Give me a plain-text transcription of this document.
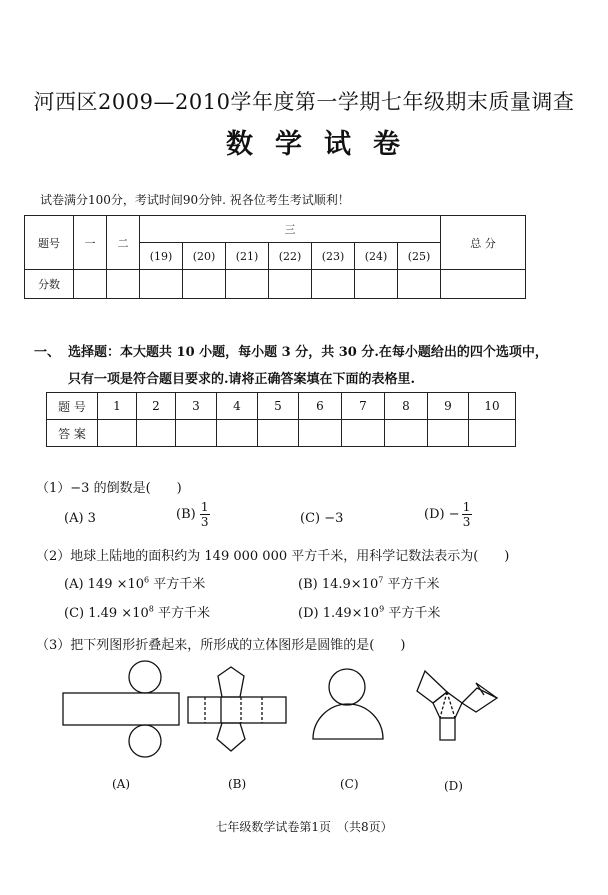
河西区2009—2010学年度第一学期七年级期末质量调查
数学试卷
试卷满分100分，考试时间90分钟. 祝各位考生考试顺利！
题号	一	二	三							总 分
			(19)	(20)	(21)	(22)	(23)	(24)	(25)	
分数										
一、 选择题：本大题共 10 小题，每小题 3 分，共 30 分.在每小题给出的四个选项中，
只有一项是符合题目要求的.请将正确答案填在下面的表格里.
题 号	1	2	3	4	5	6	7	8	9	10
答 案										
（1）−3 的倒数是(　　)
(A) 3	$(B) \frac{1}{3}$	(C) −3	$(D) - \frac{1}{3}$
（2）地球上陆地的面积约为 149 000 000 平方千米，用科学记数法表示为(　　)
(A) $149 \times 10^6$ 平方千米	(B) $14.9\times 10^7$ 平方千米
(C) $1.49 \times 10^8$ 平方千米	(D) $1.49\times 10^9$ 平方千米
（3）把下列图形折叠起来，所形成的立体图形是圆锥的是(　　)
(A)	(B)	(C)	(D)
七年级数学试卷第1页　（共8页）
